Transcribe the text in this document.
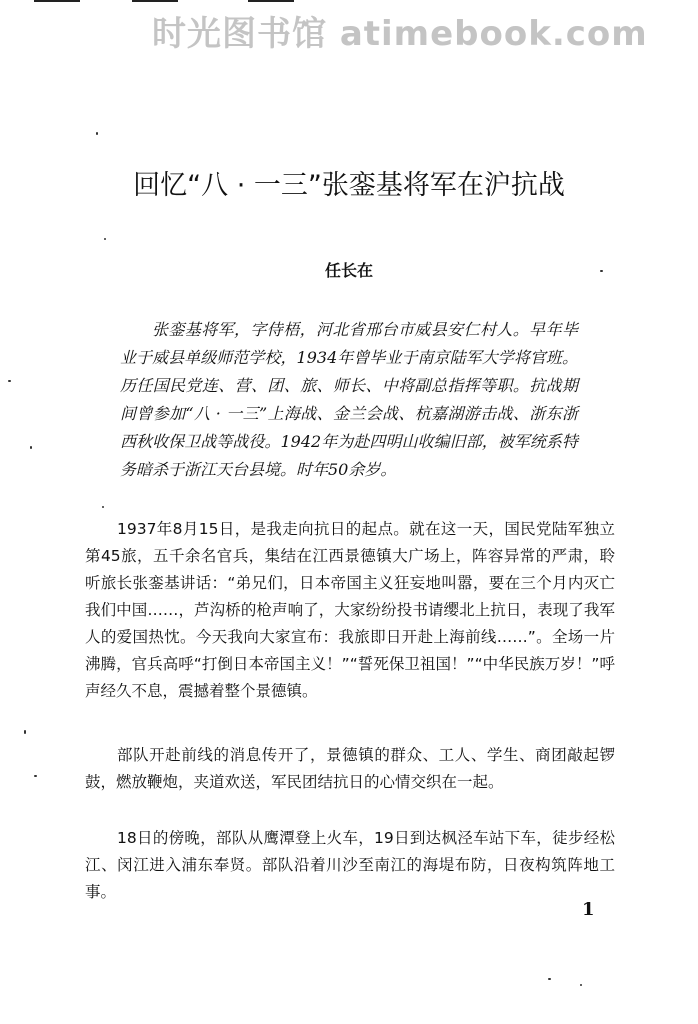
时光图书馆 atimebook.com
回忆“八 · 一三”张銮基将军在沪抗战
任长在
张銮基将军，字侍梧，河北省邢台市威县安仁村人。早年毕业于威县单级师范学校，1934年曾毕业于南京陆军大学将官班。历任国民党连、营、团、旅、师长、中将副总指挥等职。抗战期间曾参加“八 · 一三”上海战、金兰会战、杭嘉湖游击战、浙东浙西秋收保卫战等战役。1942年为赴四明山收编旧部，被军统系特务暗杀于浙江天台县境。时年50余岁。

1937年8月15日，是我走向抗日的起点。就在这一天，国民党陆军独立第45旅，五千余名官兵，集结在江西景德镇大广场上，阵容异常的严肃，聆听旅长张銮基讲话：“弟兄们，日本帝国主义狂妄地叫嚣，要在三个月内灭亡我们中国……，芦沟桥的枪声响了，大家纷纷投书请缨北上抗日，表现了我军人的爱国热忱。今天我向大家宣布：我旅即日开赴上海前线……”。全场一片沸腾，官兵高呼“打倒日本帝国主义！”“誓死保卫祖国！”“中华民族万岁！”呼声经久不息，震撼着整个景德镇。

部队开赴前线的消息传开了，景德镇的群众、工人、学生、商团敲起锣鼓，燃放鞭炮，夹道欢送，军民团结抗日的心情交织在一起。

18日的傍晚，部队从鹰潭登上火车，19日到达枫泾车站下车，徒步经松江、闵江进入浦东奉贤。部队沿着川沙至南江的海堤布防，日夜构筑阵地工事。

1
